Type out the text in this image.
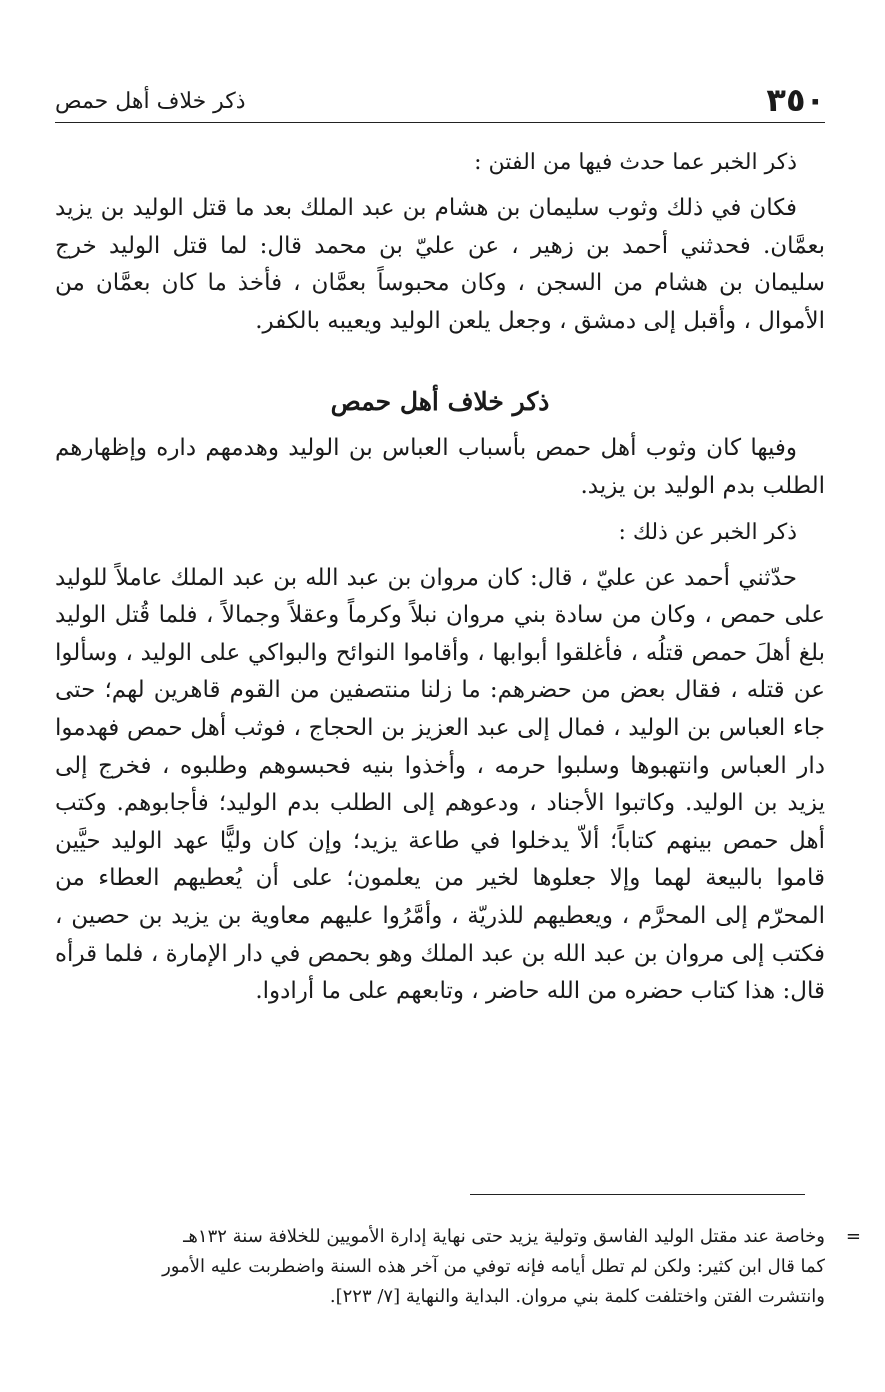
٣٥٠
ذكر خلاف أهل حمص

ذكر الخبر عما حدث فيها من الفتن :

فكان في ذلك وثوب سليمان بن هشام بن عبد الملك بعد ما قتل الوليد بن يزيد بعمَّان. فحدثني أحمد بن زهير ، عن عليّ بن محمد قال: لما قتل الوليد خرج سليمان بن هشام من السجن ، وكان محبوساً بعمَّان ، فأخذ ما كان بعمَّان من الأموال ، وأقبل إلى دمشق ، وجعل يلعن الوليد ويعيبه بالكفر.

ذكر خلاف أهل حمص

وفيها كان وثوب أهل حمص بأسباب العباس بن الوليد وهدمهم داره وإظهارهم الطلب بدم الوليد بن يزيد.

ذكر الخبر عن ذلك :

حدّثني أحمد عن عليّ ، قال: كان مروان بن عبد الله بن عبد الملك عاملاً للوليد على حمص ، وكان من سادة بني مروان نبلاً وكرماً وعقلاً وجمالاً ، فلما قُتل الوليد بلغ أهلَ حمص قتلُه ، فأغلقوا أبوابها ، وأقاموا النوائح والبواكي على الوليد ، وسألوا عن قتله ، فقال بعض من حضرهم: ما زلنا منتصفين من القوم قاهرين لهم؛ حتى جاء العباس بن الوليد ، فمال إلى عبد العزيز بن الحجاج ، فوثب أهل حمص فهدموا دار العباس وانتهبوها وسلبوا حرمه ، وأخذوا بنيه فحبسوهم وطلبوه ، فخرج إلى يزيد بن الوليد. وكاتبوا الأجناد ، ودعوهم إلى الطلب بدم الوليد؛ فأجابوهم. وكتب أهل حمص بينهم كتاباً؛ ألاّ يدخلوا في طاعة يزيد؛ وإن كان وليًّا عهد الوليد حيَّين قاموا بالبيعة لهما وإلا جعلوها لخير من يعلمون؛ على أن يُعطيهم العطاء من المحرّم إلى المحرَّم ، ويعطيهم للذريّة ، وأمَّرُوا عليهم معاوية بن يزيد بن حصين ، فكتب إلى مروان بن عبد الله بن عبد الملك وهو بحمص في دار الإمارة ، فلما قرأه قال: هذا كتاب حضره من الله حاضر ، وتابعهم على ما أرادوا.

=

وخاصة عند مقتل الوليد الفاسق وتولية يزيد حتى نهاية إدارة الأمويين للخلافة سنة ١٣٢هـ

كما قال ابن كثير: ولكن لم تطل أيامه فإنه توفي من آخر هذه السنة واضطربت عليه الأمور

وانتشرت الفتن واختلفت كلمة بني مروان. البداية والنهاية [٧/ ٢٢٣].
